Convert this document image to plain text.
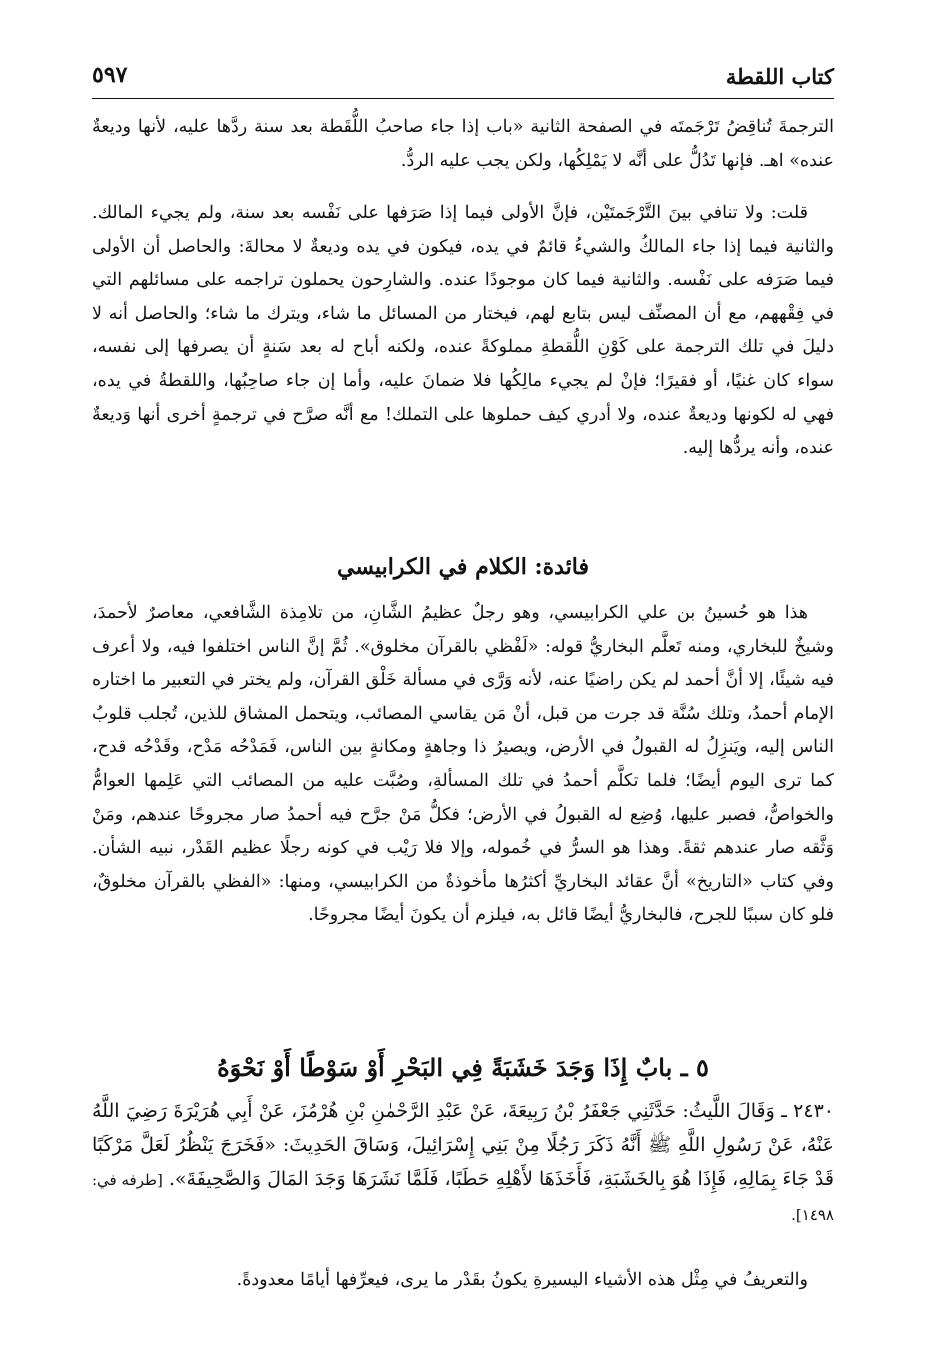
كتاب اللقطة
٥٩٧

الترجمةَ تُناقِضُ تَرْجَمتَه في الصفحة الثانية «باب إذا جاء صاحبُ اللُّقَطة بعد سنة ردَّها عليه، لأنها وديعةٌ عنده» اهـ. فإنها تَدُلُّ على أنَّه لا يَمْلِكُها، ولكن يجب عليه الردُّ.

قلت: ولا تنافي بينَ التَّرْجَمتَيْن، فإنَّ الأولى فيما إذا صَرَفها على نَفْسه بعد سنة، ولم يجيء المالك. والثانية فيما إذا جاء المالكُ والشيءُ قائمٌ في يده، فيكون في يده وديعةٌ لا محالةَ: والحاصل أن الأولى فيما صَرَفه على نَفْسه. والثانية فيما كان موجودًا عنده. والشارِحون يحملون تراجمه على مسائلهم التي في فِقْههم، مع أن المصنِّف ليس بتابع لهم، فيختار من المسائل ما شاء، ويترك ما شاء؛ والحاصل أنه لا دليلَ في تلك الترجمة على كَوْنِ اللُّقطةِ مملوكةً عنده، ولكنه أباح له بعد سَنةٍ أن يصرفها إلى نفسه، سواء كان غنيًا، أو فقيرًا؛ فإنْ لم يجيء مالِكُها فلا ضمانَ عليه، وأما إن جاء صاحِبُها، واللقطةُ في يده، فهي له لكونها وديعةٌ عنده، ولا أدري كيف حملوها على التملك! مع أنَّه صرَّح في ترجمةٍ أخرى أنها وَديعةٌ عنده، وأنه يردُّها إليه.

فائدة: الكلام في الكرابيسي

هذا هو حُسينُ بن علي الكرابيسي، وهو رجلٌ عظيمُ الشَّانِ، من تلامِذة الشَّافعي، معاصرٌ لأحمدَ، وشيخٌ للبخاري، ومنه تَعلَّم البخاريُّ قوله: «لَفْظي بالقرآن مخلوق». ثُمَّ إنَّ الناس اختلفوا فيه، ولا أعرف فيه شيئًا، إلا أنَّ أحمد لم يكن راضيًا عنه، لأنه وَرَّى في مسألة خَلْق القرآن، ولم يختر في التعبير ما اختاره الإمام أحمدُ، وتلك سُنَّة قد جرت من قبل، أنْ مَن يقاسي المصائب، ويتحمل المشاق للذين، تُجلب قلوبُ الناس إليه، ويَنزِلُ له القبولُ في الأرض، ويصيرُ ذا وجاهةٍ ومكانةٍ بين الناس، فَمَدْحُه مَدْح، وقَدْحُه قدح، كما ترى اليوم أيضًا؛ فلما تكلَّم أحمدُ في تلك المسألةِ، وصُبَّت عليه من المصائب التي عَلِمها العوامُّ والخواصُّ، فصبر عليها، وُضِع له القبولُ في الأرض؛ فكلُّ مَنْ جرَّح فيه أحمدُ صار مجروحًا عندهم، ومَنْ وَثَّقه صار عندهم ثقةً. وهذا هو السرُّ في خُموله، وإلا فلا رَيْب في كونه رجلًا عظيم القَدْر، نبيه الشأن. وفي كتاب «التاريخ» أنَّ عقائد البخاريِّ أكثرُها مأخوذةٌ من الكرابيسي، ومنها: «الفظي بالقرآن مخلوقٌ، فلو كان سببًا للجرح، فالبخاريُّ أيضًا قائل به، فيلزم أن يكونَ أيضًا مجروحًا.

٥ ـ بابٌ إِذَا وَجَدَ خَشَبَةً فِي البَحْرِ أَوْ سَوْطًا أَوْ نَحْوَهُ

٢٤٣٠ ـ وَقَالَ اللَّيثُ: حَدَّثَنِي جَعْفَرُ بْنُ رَبِيعَةَ، عَنْ عَبْدِ الرَّحْمٰنِ بْنِ هُرْمُزَ، عَنْ أَبِي هُرَيْرَةَ رَضِيَ اللَّهُ عَنْهُ، عَنْ رَسُولِ اللَّهِ ﷺ أَنَّهُ ذَكَرَ رَجُلًا مِنْ بَنِي إِسْرَائِيلَ، وَسَاقَ الحَدِيثَ: «فَخَرَجَ يَنْظُرُ لَعَلَّ مَرْكَبًا قَدْ جَاءَ بِمَالِهِ، فَإِذَا هُوَ بِالخَشَبَةِ، فَأَخَذَهَا لأَهْلِهِ حَطَبًا، فَلَمَّا نَشَرَهَا وَجَدَ المَالَ وَالصَّحِيفَةَ». [طرفه في: ١٤٩٨].

والتعريفُ في مِثْل هذه الأشياء اليسيرةِ يكونُ بقَدْر ما يرى، فيعرِّفها أيامًا معدودةً.
